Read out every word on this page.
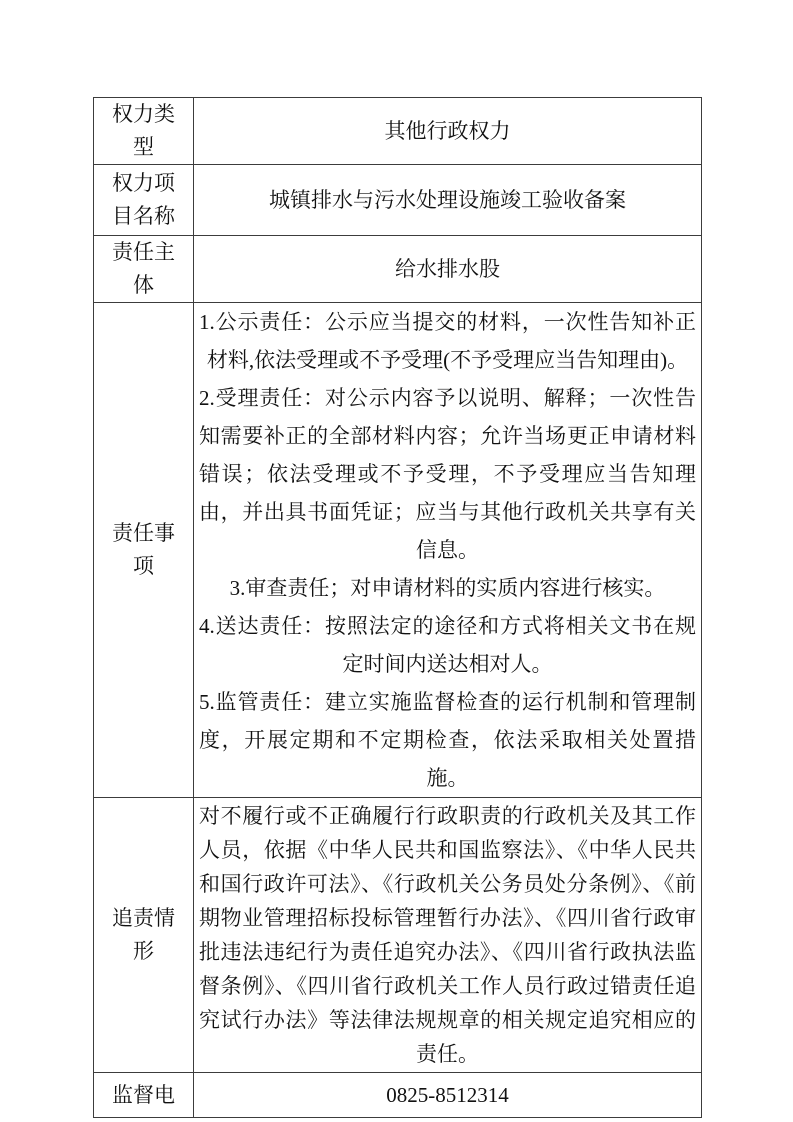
权力类型	其他行政权力
权力项目名称	城镇排水与污水处理设施竣工验收备案
责任主体	给水排水股
责任事项	1.公示责任：公示应当提交的材料，一次性告知补正材料,依法受理或不予受理(不予受理应当告知理由)。

2.受理责任：对公示内容予以说明、解释；一次性告知需要补正的全部材料内容；允许当场更正申请材料错误；依法受理或不予受理，不予受理应当告知理由，并出具书面凭证；应当与其他行政机关共享有关信息。

3.审查责任；对申请材料的实质内容进行核实。

4.送达责任：按照法定的途径和方式将相关文书在规定时间内送达相对人。

5.监管责任：建立实施监督检查的运行机制和管理制度，开展定期和不定期检查，依法采取相关处置措施。

追责情形	对不履行或不正确履行行政职责的行政机关及其工作人员，依据《中华人民共和国监察法》、《中华人民共和国行政许可法》、《行政机关公务员处分条例》、《前期物业管理招标投标管理暂行办法》、《四川省行政审批违法违纪行为责任追究办法》、《四川省行政执法监督条例》、《四川省行政机关工作人员行政过错责任追究试行办法》等法律法规规章的相关规定追究相应的责任。

监督电	0825-8512314
